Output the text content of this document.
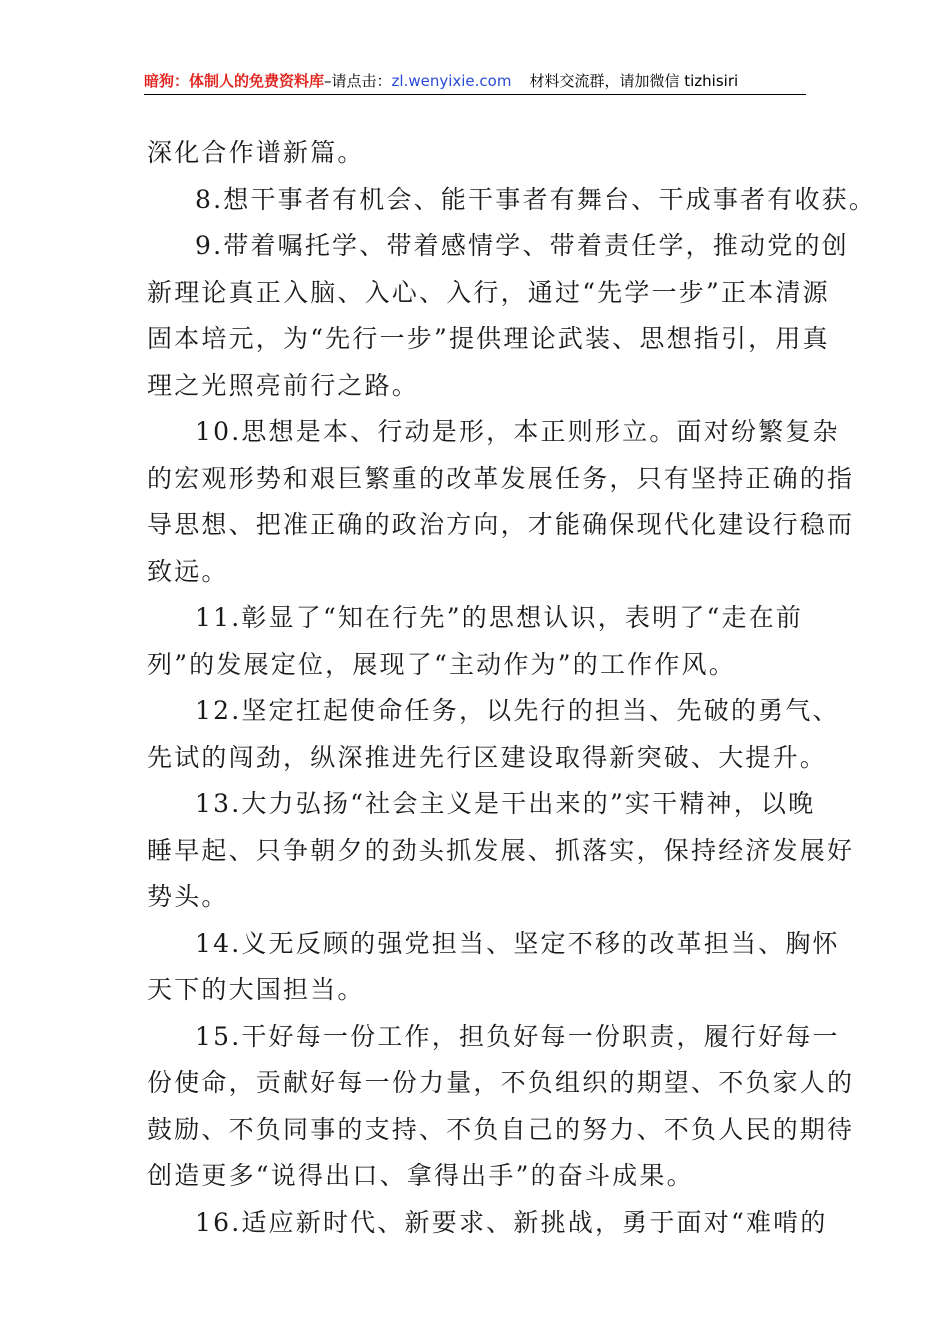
暗狗：体制人的免费资料库–请点击：zl.wenyixie.com 材料交流群，请加微信 tizhisiri
深化合作谱新篇。
8.想干事者有机会、能干事者有舞台、干成事者有收获。
9.带着嘱托学、带着感情学、带着责任学，推动党的创
新理论真正入脑、入心、入行，通过“先学一步”正本清源
固本培元，为“先行一步”提供理论武装、思想指引，用真
理之光照亮前行之路。
10.思想是本、行动是形，本正则形立。面对纷繁复杂
的宏观形势和艰巨繁重的改革发展任务，只有坚持正确的指
导思想、把准正确的政治方向，才能确保现代化建设行稳而
致远。
11.彰显了“知在行先”的思想认识，表明了“走在前
列”的发展定位，展现了“主动作为”的工作作风。
12.坚定扛起使命任务，以先行的担当、先破的勇气、
先试的闯劲，纵深推进先行区建设取得新突破、大提升。
13.大力弘扬“社会主义是干出来的”实干精神，以晚
睡早起、只争朝夕的劲头抓发展、抓落实，保持经济发展好
势头。
14.义无反顾的强党担当、坚定不移的改革担当、胸怀
天下的大国担当。
15.干好每一份工作，担负好每一份职责，履行好每一
份使命，贡献好每一份力量，不负组织的期望、不负家人的
鼓励、不负同事的支持、不负自己的努力、不负人民的期待
创造更多“说得出口、拿得出手”的奋斗成果。
16.适应新时代、新要求、新挑战，勇于面对“难啃的
